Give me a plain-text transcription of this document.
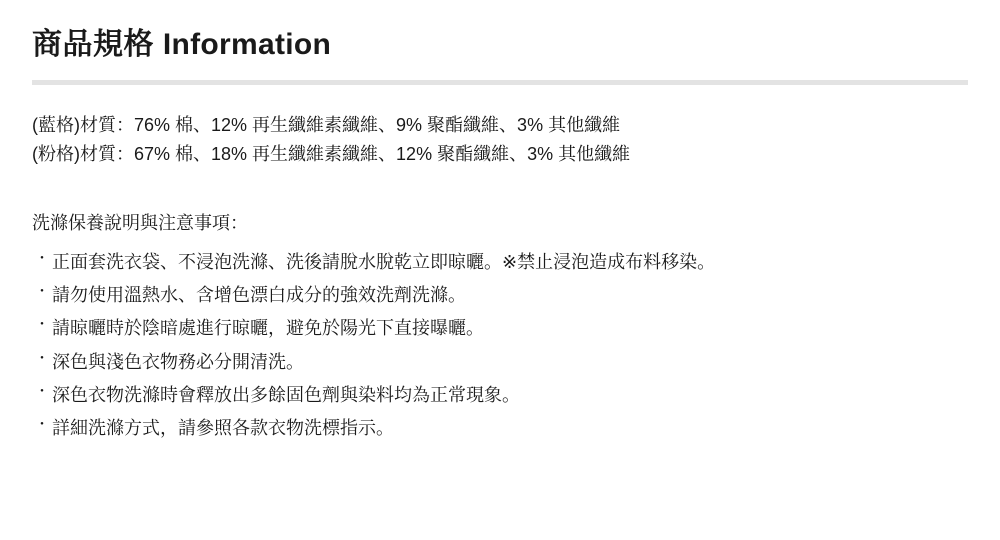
商品規格 Information
(藍格)材質：76% 棉、12% 再生纖維素纖維、9% 聚酯纖維、3% 其他纖維
(粉格)材質：67% 棉、18% 再生纖維素纖維、12% 聚酯纖維、3% 其他纖維
洗滌保養說明與注意事項：
・ 正面套洗衣袋、不浸泡洗滌、洗後請脫水脫乾立即晾曬。※禁止浸泡造成布料移染。
・ 請勿使用溫熱水、含增色漂白成分的強效洗劑洗滌。
・ 請晾曬時於陰暗處進行晾曬，避免於陽光下直接曝曬。
・ 深色與淺色衣物務必分開清洗。
・ 深色衣物洗滌時會釋放出多餘固色劑與染料均為正常現象。
・ 詳細洗滌方式，請參照各款衣物洗標指示。
